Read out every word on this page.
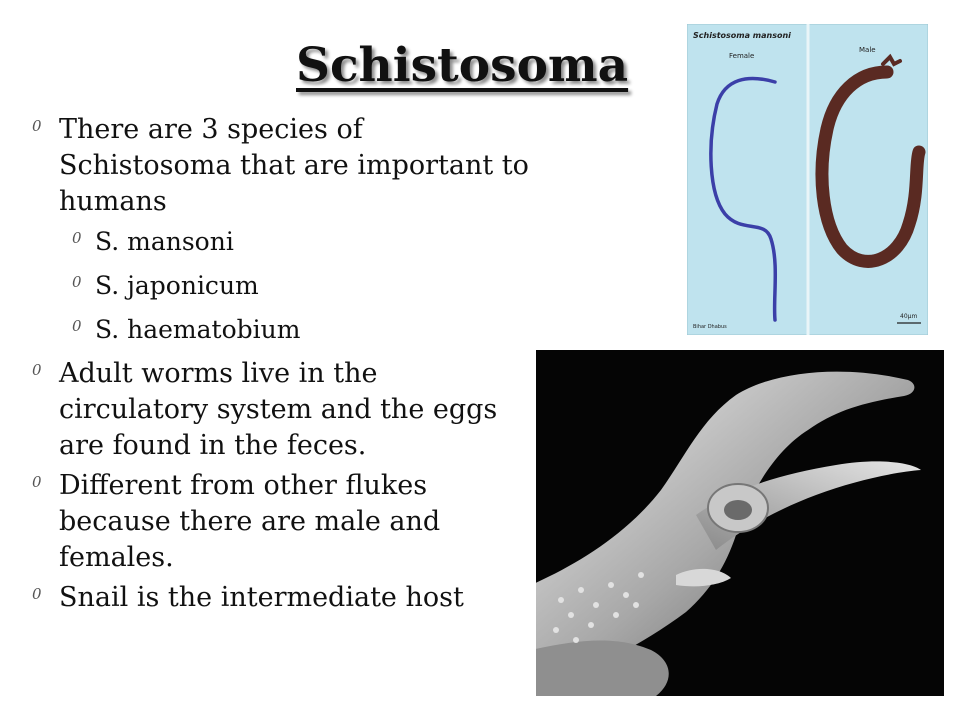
Schistosoma
0 There are 3 species of Schistosoma that are important to humans
0 S. mansoni
0 S. japonicum
0 S. haematobium
0 Adult worms live in the circulatory system and the eggs are found in the feces.
0 Different from other flukes because there are male and females.
0 Snail is the intermediate host
Schistosoma mansoni
Female
Male
40µm
Bihar Dhabus
